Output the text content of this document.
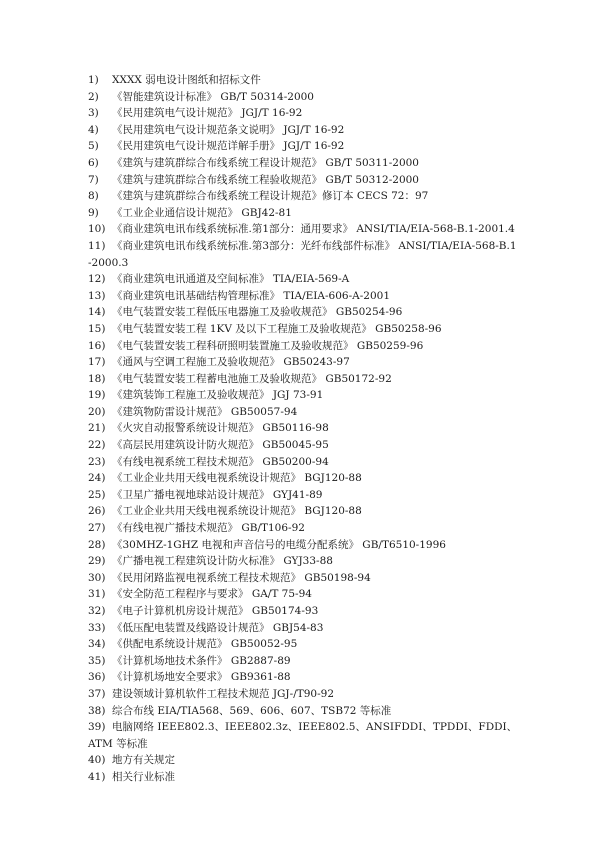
1) XXXX 弱电设计图纸和招标文件
2) 《智能建筑设计标准》 GB/T 50314-2000
3) 《民用建筑电气设计规范》 JGJ/T 16-92
4) 《民用建筑电气设计规范条文说明》 JGJ/T 16-92
5) 《民用建筑电气设计规范详解手册》 JGJ/T 16-92
6) 《建筑与建筑群综合布线系统工程设计规范》 GB/T 50311-2000
7) 《建筑与建筑群综合布线系统工程验收规范》 GB/T 50312-2000
8) 《建筑与建筑群综合布线系统工程设计规范》修订本 CECS 72：97
9) 《工业企业通信设计规范》 GBJ42-81
10) 《商业建筑电讯布线系统标准.第1部分：通用要求》 ANSI/TIA/EIA-568-B.1-2001.4
11) 《商业建筑电讯布线系统标准.第3部分：光纤布线部件标准》 ANSI/TIA/EIA-568-B.1-2000.3
12) 《商业建筑电讯通道及空间标准》 TIA/EIA-569-A
13) 《商业建筑电讯基础结构管理标准》 TIA/EIA-606-A-2001
14) 《电气装置安装工程低压电器施工及验收规范》 GB50254-96
15) 《电气装置安装工程 1KV 及以下工程施工及验收规范》 GB50258-96
16) 《电气装置安装工程科研照明装置施工及验收规范》 GB50259-96
17) 《通风与空调工程施工及验收规范》 GB50243-97
18) 《电气装置安装工程蓄电池施工及验收规范》 GB50172-92
19) 《建筑装饰工程施工及验收规范》 JGJ 73-91
20) 《建筑物防雷设计规范》 GB50057-94
21) 《火灾自动报警系统设计规范》 GB50116-98
22) 《高层民用建筑设计防火规范》 GB50045-95
23) 《有线电视系统工程技术规范》 GB50200-94
24) 《工业企业共用天线电视系统设计规范》 BGJ120-88
25) 《卫星广播电视地球站设计规范》 GYJ41-89
26) 《工业企业共用天线电视系统设计规范》 BGJ120-88
27) 《有线电视广播技术规范》 GB/T106-92
28) 《30MHZ-1GHZ 电视和声音信号的电缆分配系统》 GB/T6510-1996
29) 《广播电视工程建筑设计防火标准》 GYJ33-88
30) 《民用闭路监视电视系统工程技术规范》 GB50198-94
31) 《安全防范工程程序与要求》 GA/T 75-94
32) 《电子计算机机房设计规范》 GB50174-93
33) 《低压配电装置及线路设计规范》 GBJ54-83
34) 《供配电系统设计规范》 GB50052-95
35) 《计算机场地技术条件》 GB2887-89
36) 《计算机场地安全要求》 GB9361-88
37) 建设领域计算机软件工程技术规范 JGJ-/T90-92
38) 综合布线 EIA/TIA568、569、606、607、TSB72 等标准
39) 电脑网络 IEEE802.3、IEEE802.3z、IEEE802.5、ANSIFDDI、TPDDI、FDDI、ATM 等标准
40) 地方有关规定
41) 相关行业标准
